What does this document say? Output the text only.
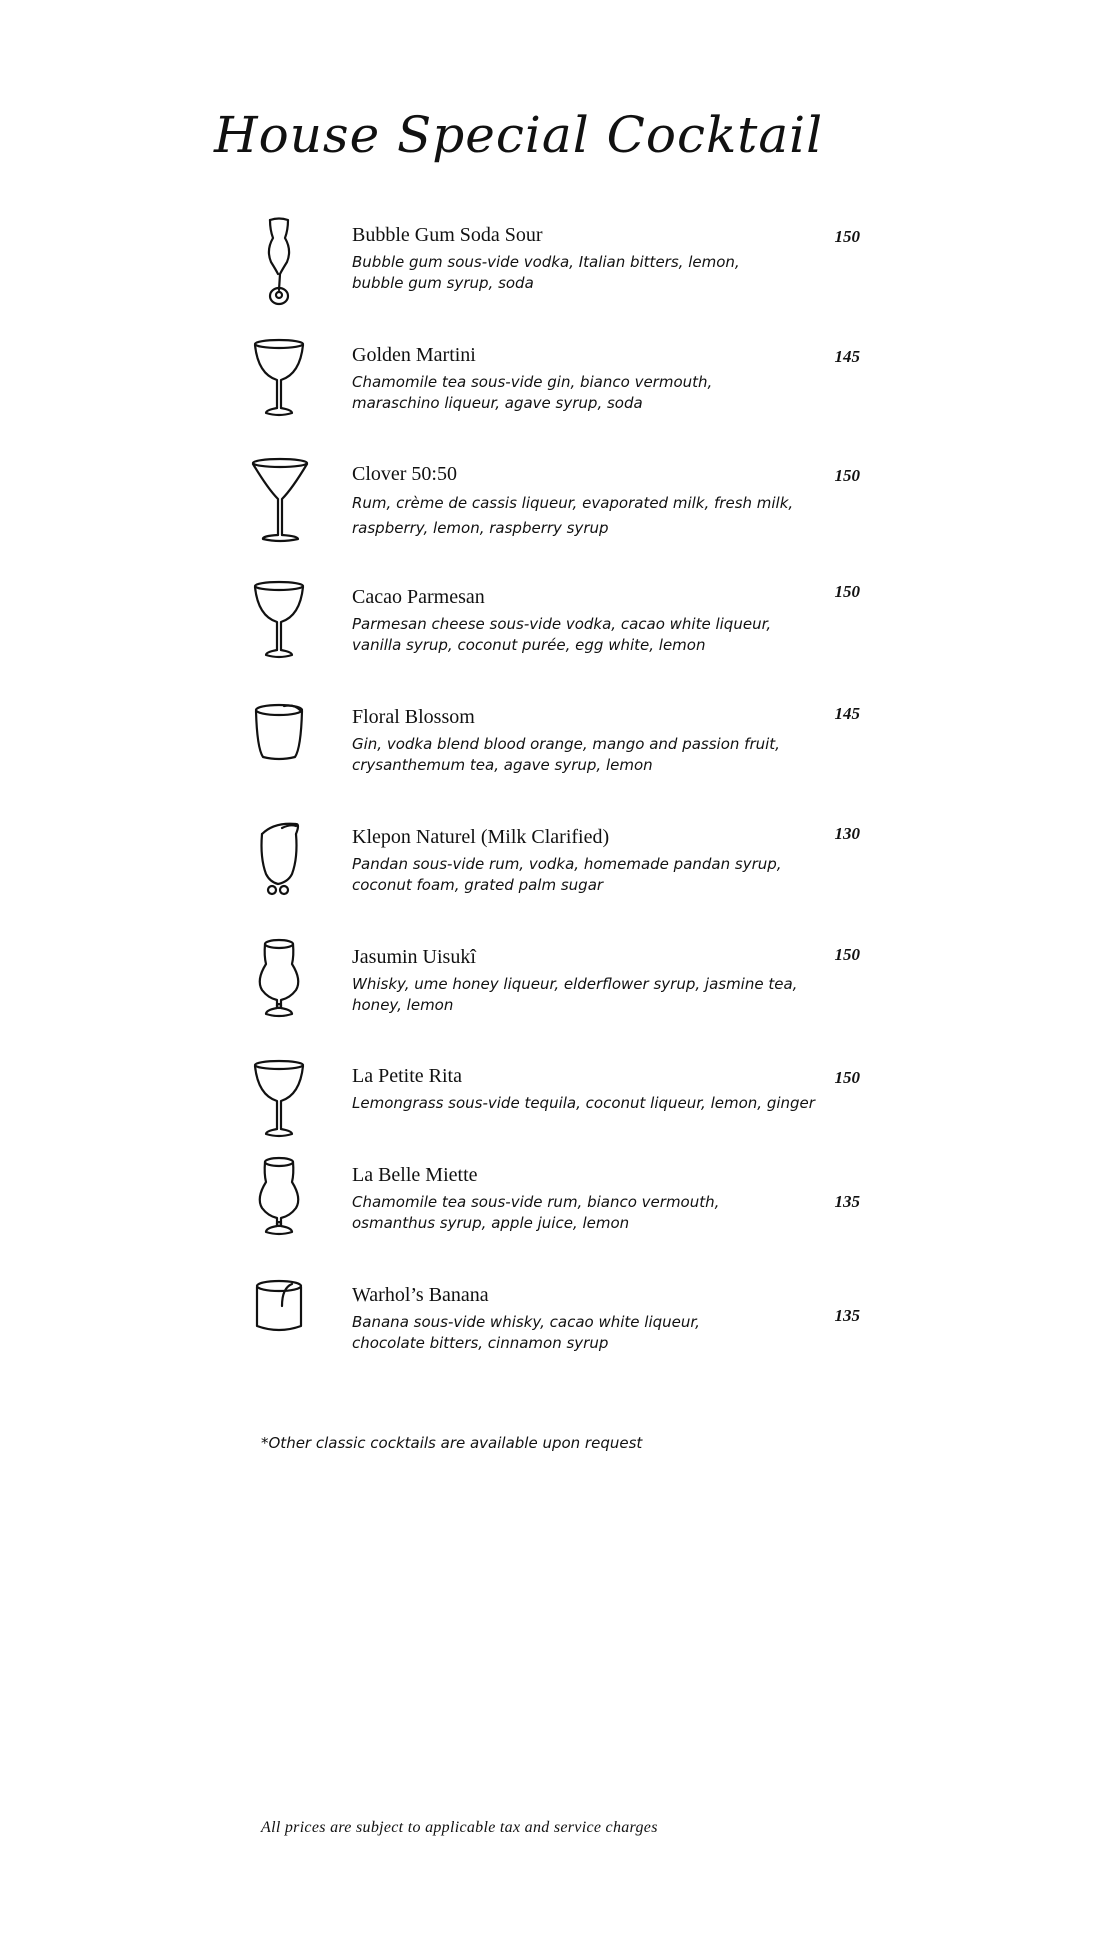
House Special Cocktail
Bubble Gum Soda Sour
Bubble gum sous-vide vodka, Italian bitters, lemon,
bubble gum syrup, soda
150
Golden Martini
Chamomile tea sous-vide gin, bianco vermouth,
maraschino liqueur, agave syrup, soda
145
Clover 50:50
Rum, crème de cassis liqueur, evaporated milk, fresh milk,
raspberry, lemon, raspberry syrup
150
Cacao Parmesan
Parmesan cheese sous-vide vodka, cacao white liqueur,
vanilla syrup, coconut purée, egg white, lemon
150
Floral Blossom
Gin, vodka blend blood orange, mango and passion fruit,
crysanthemum tea, agave syrup, lemon
145
Klepon Naturel (Milk Clarified)
Pandan sous-vide rum, vodka, homemade pandan syrup,
coconut foam, grated palm sugar
130
Jasumin Uisukî
Whisky, ume honey liqueur, elderflower syrup, jasmine tea,
honey, lemon
150
La Petite Rita
Lemongrass sous-vide tequila, coconut liqueur, lemon, ginger
150
La Belle Miette
Chamomile tea sous-vide rum, bianco vermouth,
osmanthus syrup, apple juice, lemon
135
Warhol’s Banana
Banana sous-vide whisky, cacao white liqueur,
chocolate bitters, cinnamon syrup
135
*Other classic cocktails are available upon request
All prices are subject to applicable tax and service charges
